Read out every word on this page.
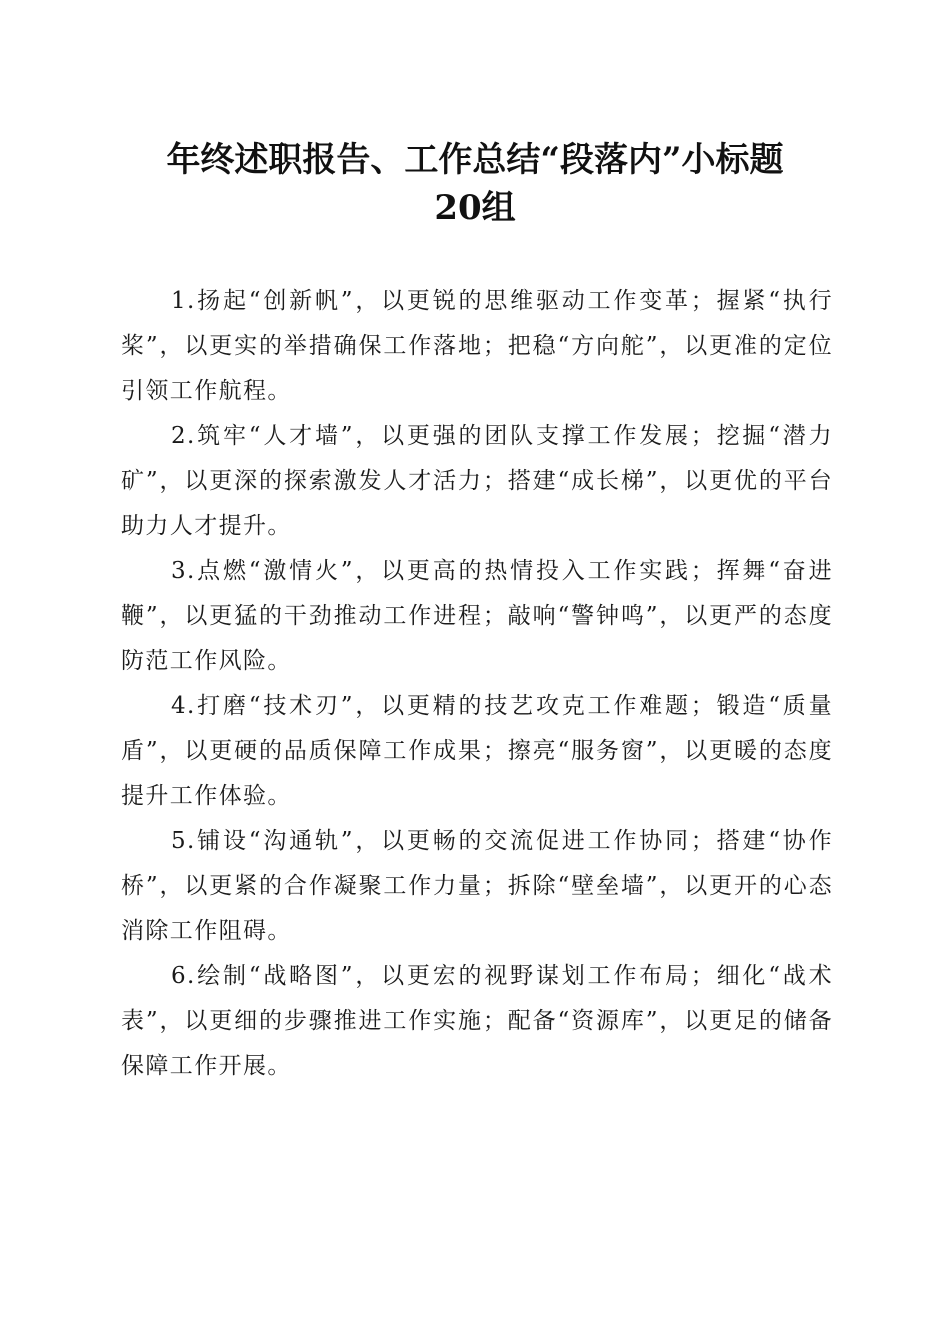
年终述职报告、工作总结“段落内”小标题
20组

1.扬起“创新帆”，以更锐的思维驱动工作变革；握紧“执行桨”，以更实的举措确保工作落地；把稳“方向舵”，以更准的定位引领工作航程。

2.筑牢“人才墙”，以更强的团队支撑工作发展；挖掘“潜力矿”，以更深的探索激发人才活力；搭建“成长梯”，以更优的平台助力人才提升。

3.点燃“激情火”，以更高的热情投入工作实践；挥舞“奋进鞭”，以更猛的干劲推动工作进程；敲响“警钟鸣”，以更严的态度防范工作风险。

4.打磨“技术刃”，以更精的技艺攻克工作难题；锻造“质量盾”，以更硬的品质保障工作成果；擦亮“服务窗”，以更暖的态度提升工作体验。

5.铺设“沟通轨”，以更畅的交流促进工作协同；搭建“协作桥”，以更紧的合作凝聚工作力量；拆除“壁垒墙”，以更开的心态消除工作阻碍。

6.绘制“战略图”，以更宏的视野谋划工作布局；细化“战术表”，以更细的步骤推进工作实施；配备“资源库”，以更足的储备保障工作开展。
